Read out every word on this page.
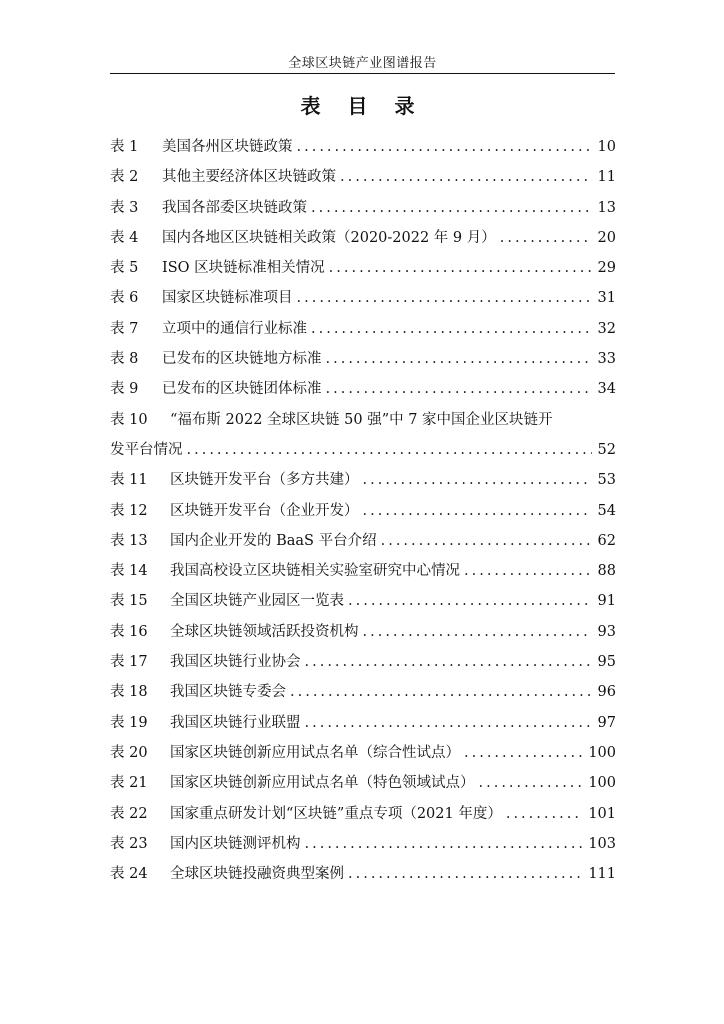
全球区块链产业图谱报告
表 目 录
表 1	美国各州区块链政策 .....	10
表 2	其他主要经济体区块链政策 .....	11
表 3	我国各部委区块链政策 .....	13
表 4	国内各地区区块链相关政策（2020-2022 年 9 月） .....	20
表 5	ISO 区块链标准相关情况 .....	29
表 6	国家区块链标准项目 .....	31
表 7	立项中的通信行业标准 .....	32
表 8	已发布的区块链地方标准 .....	33
表 9	已发布的区块链团体标准 .....	34
表 10	“福布斯 2022 全球区块链 50 强”中 7 家中国企业区块链开
发平台情况 .....	52
表 11	区块链开发平台（多方共建） .....	53
表 12	区块链开发平台（企业开发） .....	54
表 13	国内企业开发的 BaaS 平台介绍 .....	62
表 14	我国高校设立区块链相关实验室研究中心情况 .....	88
表 15	全国区块链产业园区一览表 .....	91
表 16	全球区块链领域活跃投资机构 .....	93
表 17	我国区块链行业协会 .....	95
表 18	我国区块链专委会 .....	96
表 19	我国区块链行业联盟 .....	97
表 20	国家区块链创新应用试点名单（综合性试点） .....	100
表 21	国家区块链创新应用试点名单（特色领域试点） .....	100
表 22	国家重点研发计划“区块链”重点专项（2021 年度） .....	101
表 23	国内区块链测评机构 .....	103
表 24	全球区块链投融资典型案例 .....	111
